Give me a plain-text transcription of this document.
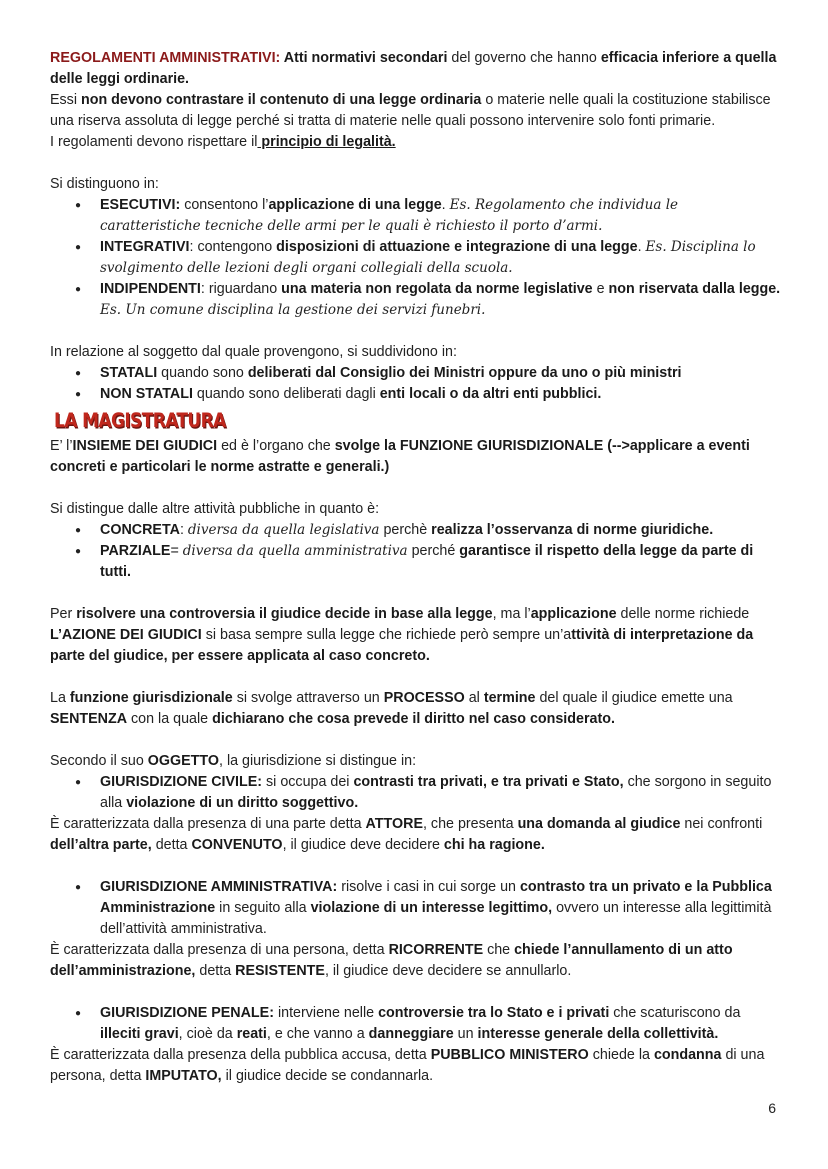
REGOLAMENTI AMMINISTRATIVI: Atti normativi secondari del governo che hanno efficacia inferiore a quella delle leggi ordinarie.

Essi non devono contrastare il contenuto di una legge ordinaria o materie nelle quali la costituzione stabilisce una riserva assoluta di legge perché si tratta di materie nelle quali possono intervenire solo fonti primarie.

I regolamenti devono rispettare il principio di legalità.

Si distinguono in:

● ESECUTIVI: consentono l’applicazione di una legge. Es. Regolamento che individua le caratteristiche tecniche delle armi per le quali è richiesto il porto d’armi.
● INTEGRATIVI: contengono disposizioni di attuazione e integrazione di una legge. Es. Disciplina lo svolgimento delle lezioni degli organi collegiali della scuola.
● INDIPENDENTI: riguardano una materia non regolata da norme legislative e non riservata dalla legge. Es. Un comune disciplina la gestione dei servizi funebri.

In relazione al soggetto dal quale provengono, si suddividono in:

● STATALI quando sono deliberati dal Consiglio dei Ministri oppure da uno o più ministri
● NON STATALI quando sono deliberati dagli enti locali o da altri enti pubblici.
LA MAGISTRATURA

E’ l’INSIEME DEI GIUDICI ed è l’organo che svolge la FUNZIONE GIURISDIZIONALE (-->applicare a eventi concreti e particolari le norme astratte e generali.)

Si distingue dalle altre attività pubbliche in quanto è:

● CONCRETA: diversa da quella legislativa perchè realizza l’osservanza di norme giuridiche.
● PARZIALE= diversa da quella amministrativa perché garantisce il rispetto della legge da parte di tutti.

Per risolvere una controversia il giudice decide in base alla legge, ma l’applicazione delle norme richiede L’AZIONE DEI GIUDICI si basa sempre sulla legge che richiede però sempre un’attività di interpretazione da parte del giudice, per essere applicata al caso concreto.

La funzione giurisdizionale si svolge attraverso un PROCESSO al termine del quale il giudice emette una SENTENZA con la quale dichiarano che cosa prevede il diritto nel caso considerato.

Secondo il suo OGGETTO, la giurisdizione si distingue in:

● GIURISDIZIONE CIVILE: si occupa dei contrasti tra privati, e tra privati e Stato, che sorgono in seguito alla violazione di un diritto soggettivo.

È caratterizzata dalla presenza di una parte detta ATTORE, che presenta una domanda al giudice nei confronti dell’altra parte, detta CONVENUTO, il giudice deve decidere chi ha ragione.

● GIURISDIZIONE AMMINISTRATIVA: risolve i casi in cui sorge un contrasto tra un privato e la Pubblica Amministrazione in seguito alla violazione di un interesse legittimo, ovvero un interesse alla legittimità dell’attività amministrativa.

È caratterizzata dalla presenza di una persona, detta RICORRENTE che chiede l’annullamento di un atto dell’amministrazione, detta RESISTENTE, il giudice deve decidere se annullarlo.

● GIURISDIZIONE PENALE: interviene nelle controversie tra lo Stato e i privati che scaturiscono da illeciti gravi, cioè da reati, e che vanno a danneggiare un interesse generale della collettività.

È caratterizzata dalla presenza della pubblica accusa, detta PUBBLICO MINISTERO chiede la condanna di una persona, detta IMPUTATO, il giudice decide se condannarla.

6
